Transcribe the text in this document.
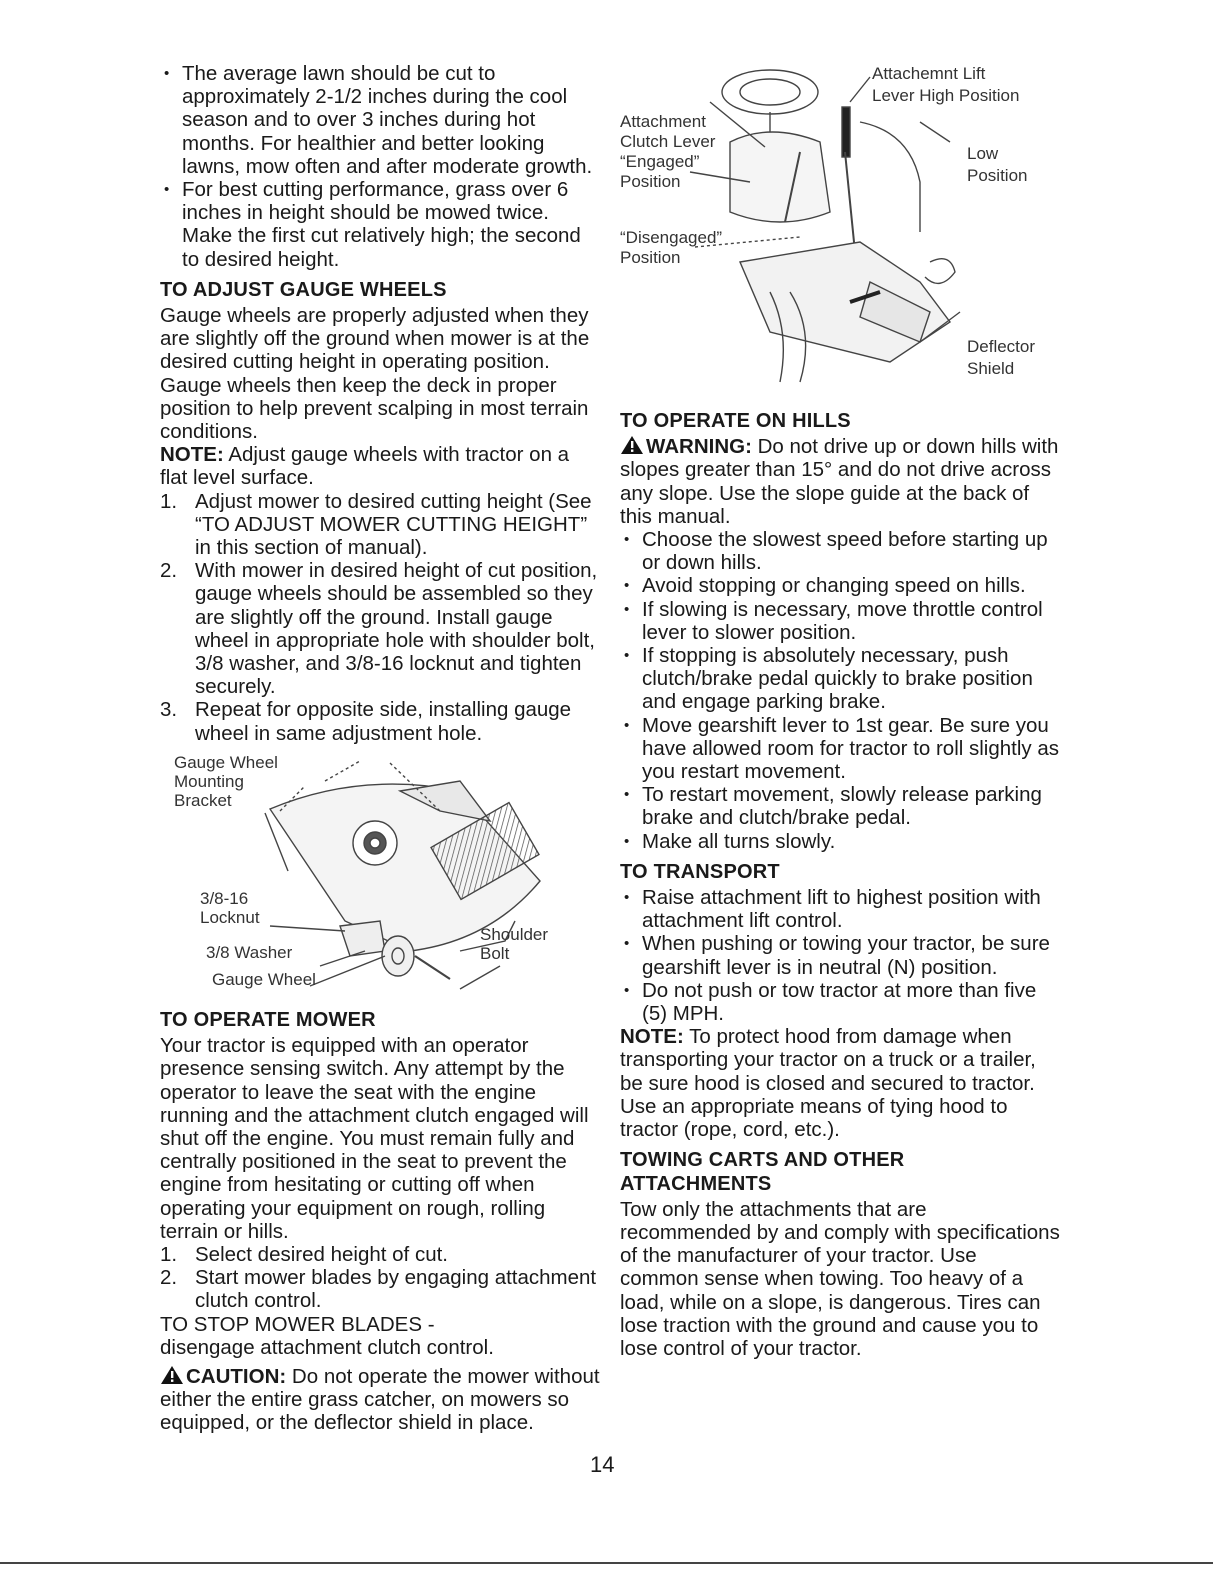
• The average lawn should be cut to approximately 2-1/2 inches during the cool season and to over 3 inches during hot months. For healthier and better looking lawns, mow often and after moderate growth.
• For best cutting performance, grass over 6 inches in height should be mowed twice. Make the first cut relatively high; the second to desired height.
TO ADJUST GAUGE WHEELS
Gauge wheels are properly adjusted when they are slightly off the ground when mower is at the desired cutting height in operating position. Gauge wheels then keep the deck in proper position to help prevent scalping in most terrain conditions.
NOTE: Adjust gauge wheels with tractor on a flat level surface.
1. Adjust mower to desired cutting height (See “TO ADJUST MOWER CUTTING HEIGHT” in this section of manual).
2. With mower in desired height of cut position, gauge wheels should be assembled so they are slightly off the ground. Install gauge wheel in appropriate hole with shoulder bolt, 3/8 washer, and 3/8-16 locknut and tighten securely.
3. Repeat for opposite side, installing gauge wheel in same adjustment hole.
Gauge Wheel
Mounting
Bracket
3/8-16
Locknut
3/8 Washer
Gauge Wheel
Shoulder
Bolt
TO OPERATE MOWER
Your tractor is equipped with an operator presence sensing switch. Any attempt by the operator to leave the seat with the engine running and the attachment clutch engaged will shut off the engine. You must remain fully and centrally positioned in the seat to prevent the engine from hesitating or cutting off when operating your equipment on rough, rolling terrain or hills.
1. Select desired height of cut.
2. Start mower blades by engaging attachment clutch control.
TO STOP MOWER BLADES -
disengage attachment clutch control.
CAUTION: Do not operate the mower without either the entire grass catcher, on mowers so equipped, or the deflector shield in place.
Attachemnt Lift
Lever High Position
Attachment
Clutch Lever
“Engaged”
Position
Low
Position
“Disengaged”
Position
Deflector
Shield
TO OPERATE ON HILLS
WARNING: Do not drive up or down hills with slopes greater than 15° and do not drive across any slope. Use the slope guide at the back of this manual.
• Choose the slowest speed before starting up or down hills.
• Avoid stopping or changing speed on hills.
• If slowing is necessary, move throttle control lever to slower position.
• If stopping is absolutely necessary, push clutch/brake pedal quickly to brake position and engage parking brake.
• Move gearshift lever to 1st gear. Be sure you have allowed room for tractor to roll slightly as you restart movement.
• To restart movement, slowly release parking brake and clutch/brake pedal.
• Make all turns slowly.
TO TRANSPORT
• Raise attachment lift to highest position with attachment lift control.
• When pushing or towing your tractor, be sure gearshift lever is in neutral (N) position.
• Do not push or tow tractor at more than five (5) MPH.
NOTE: To protect hood from damage when transporting your tractor on a truck or a trailer, be sure hood is closed and secured to tractor. Use an appropriate means of tying hood to tractor (rope, cord, etc.).
TOWING CARTS AND OTHER ATTACHMENTS
Tow only the attachments that are recommended by and comply with specifications of the manufacturer of your tractor. Use common sense when towing. Too heavy of a load, while on a slope, is dangerous. Tires can lose traction with the ground and cause you to lose control of your tractor.
14
